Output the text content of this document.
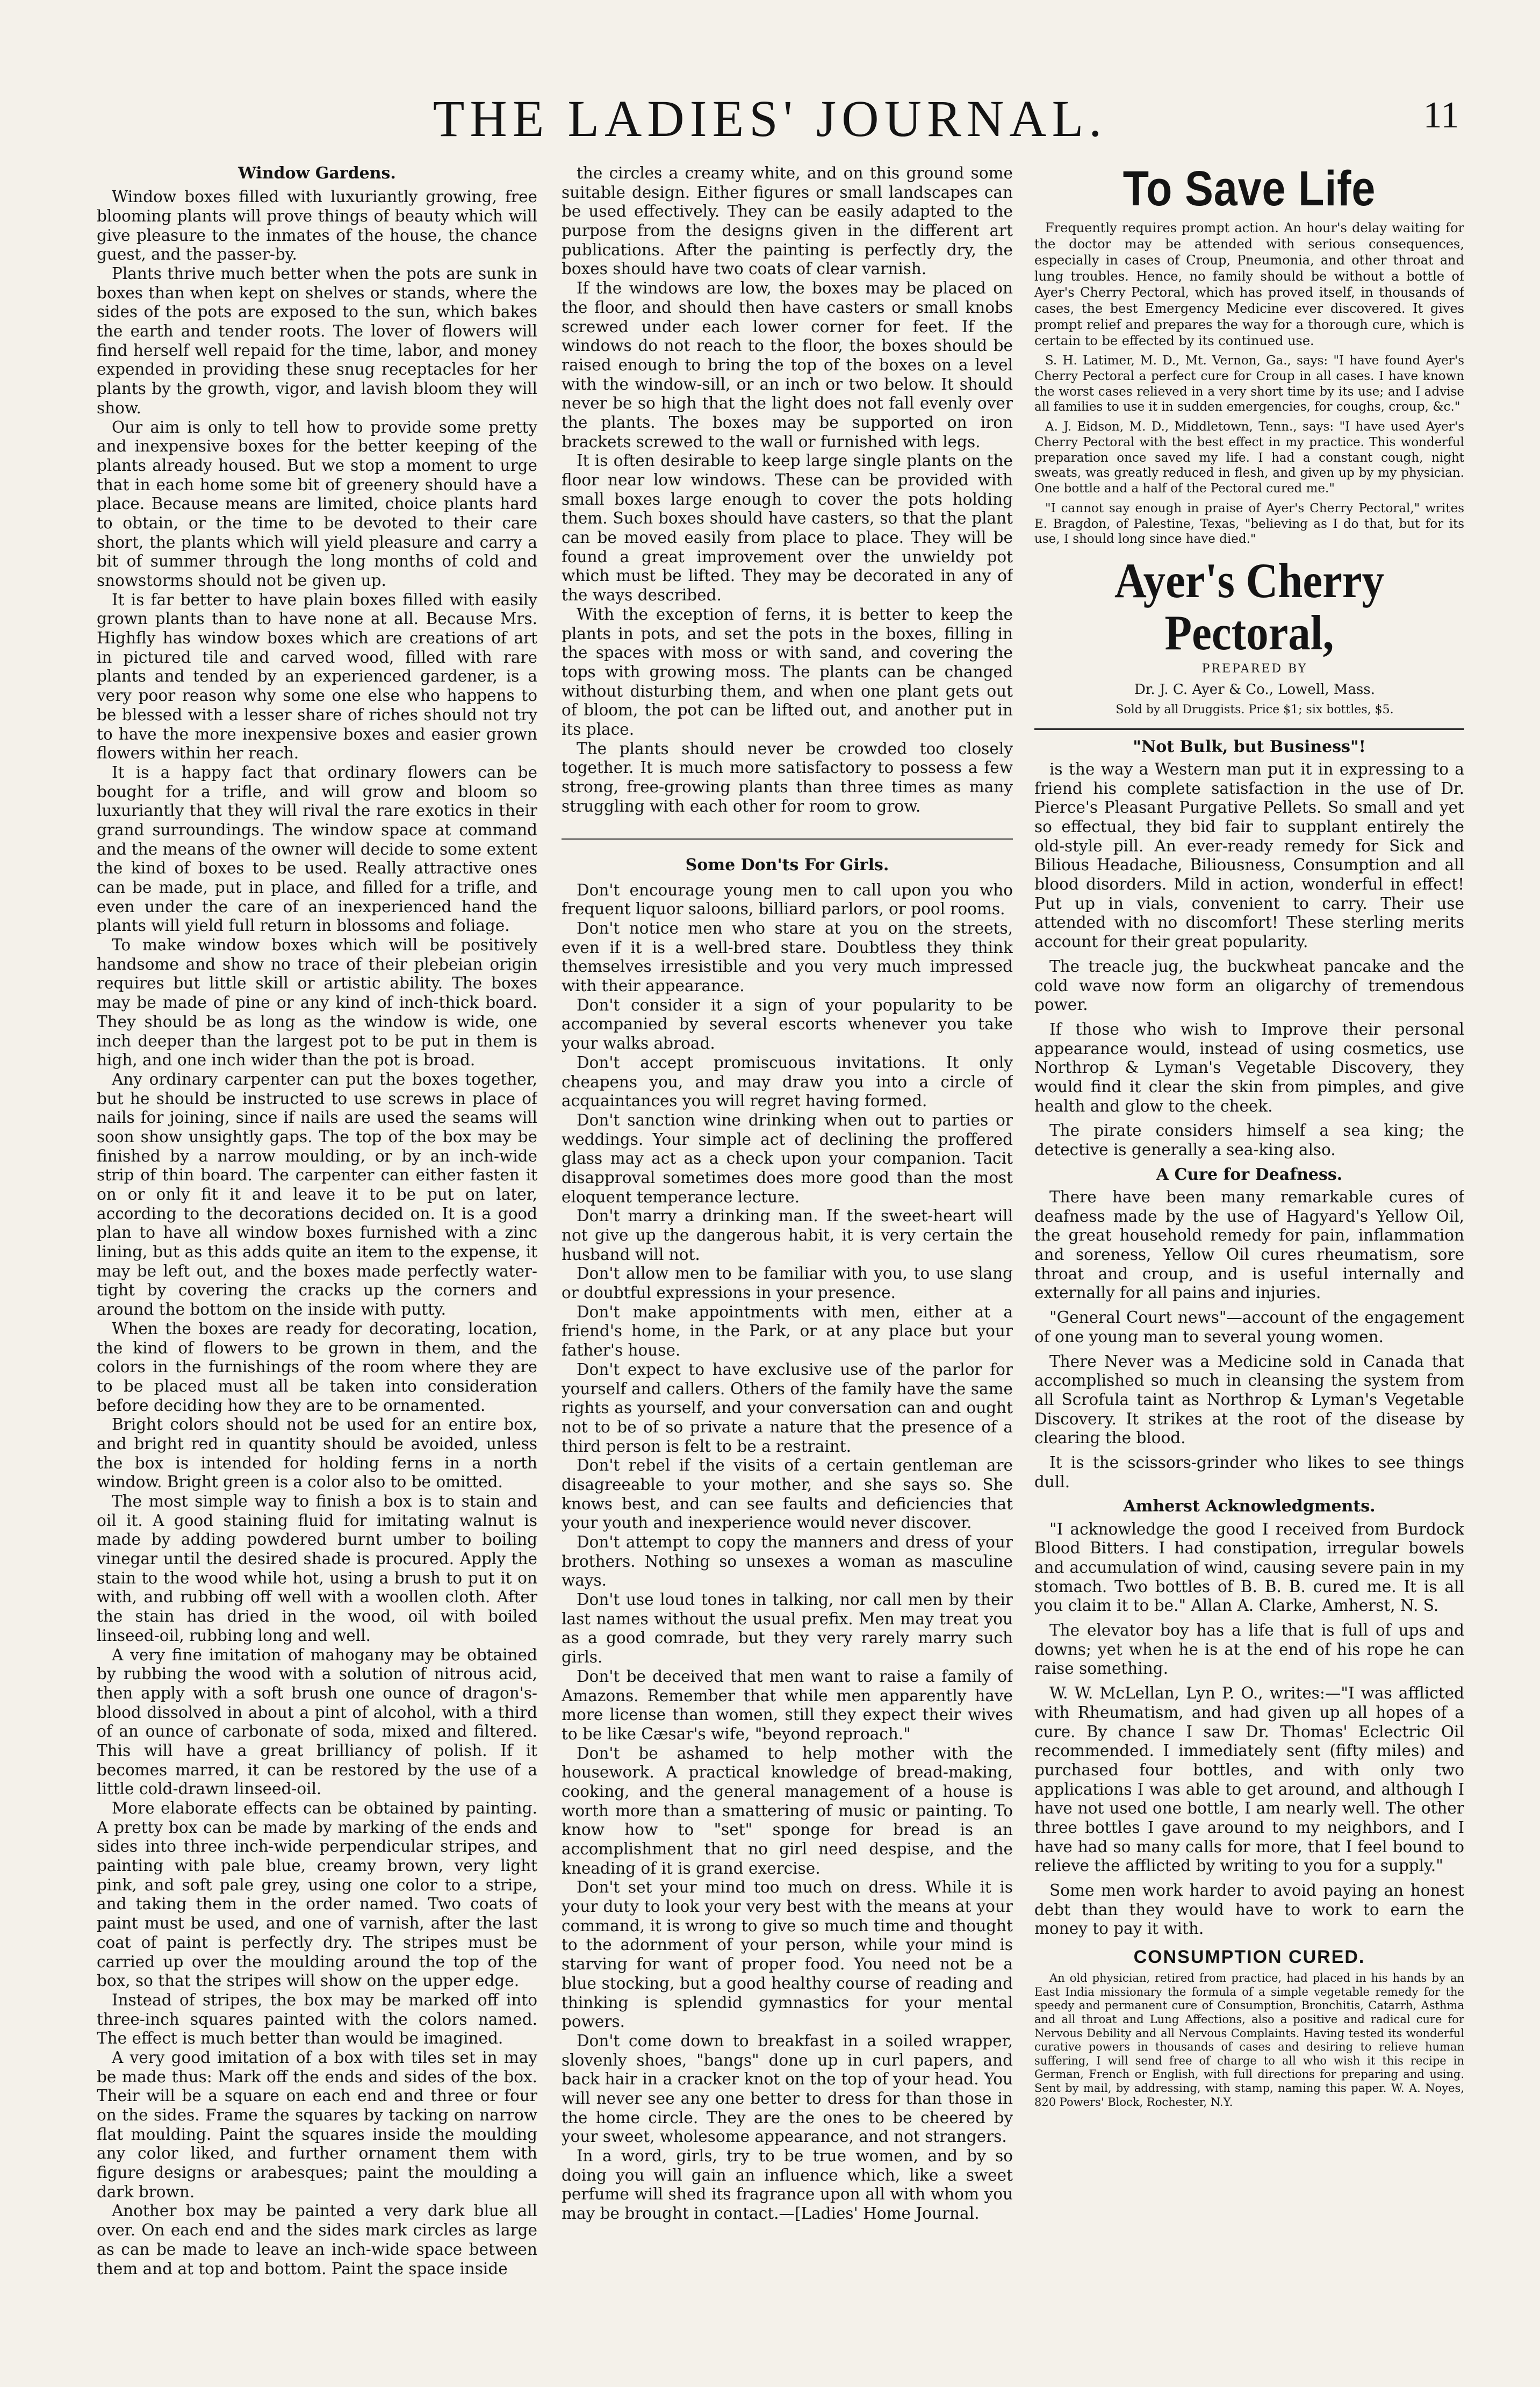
THE LADIES' JOURNAL.	11
Window Gardens.

Window boxes filled with luxuriantly growing, free blooming plants will prove things of beauty which will give pleasure to the inmates of the house, the chance guest, and the passer-by.

Plants thrive much better when the pots are sunk in boxes than when kept on shelves or stands, where the sides of the pots are exposed to the sun, which bakes the earth and tender roots. The lover of flowers will find herself well repaid for the time, labor, and money expended in providing these snug receptacles for her plants by the growth, vigor, and lavish bloom they will show.

Our aim is only to tell how to provide some pretty and inexpensive boxes for the better keeping of the plants already housed. But we stop a moment to urge that in each home some bit of greenery should have a place. Because means are limited, choice plants hard to obtain, or the time to be devoted to their care short, the plants which will yield pleasure and carry a bit of summer through the long months of cold and snowstorms should not be given up.

It is far better to have plain boxes filled with easily grown plants than to have none at all. Because Mrs. Highfly has window boxes which are creations of art in pictured tile and carved wood, filled with rare plants and tended by an experienced gardener, is a very poor reason why some one else who happens to be blessed with a lesser share of riches should not try to have the more inexpensive boxes and easier grown flowers within her reach.

It is a happy fact that ordinary flowers can be bought for a trifle, and will grow and bloom so luxuriantly that they will rival the rare exotics in their grand surroundings. The window space at command and the means of the owner will decide to some extent the kind of boxes to be used. Really attractive ones can be made, put in place, and filled for a trifle, and even under the care of an inexperienced hand the plants will yield full return in blossoms and foliage.

To make window boxes which will be positively handsome and show no trace of their plebeian origin requires but little skill or artistic ability. The boxes may be made of pine or any kind of inch-thick board. They should be as long as the window is wide, one inch deeper than the largest pot to be put in them is high, and one inch wider than the pot is broad.

Any ordinary carpenter can put the boxes together, but he should be instructed to use screws in place of nails for joining, since if nails are used the seams will soon show unsightly gaps. The top of the box may be finished by a narrow moulding, or by an inch-wide strip of thin board. The carpenter can either fasten it on or only fit it and leave it to be put on later, according to the decorations decided on. It is a good plan to have all window boxes furnished with a zinc lining, but as this adds quite an item to the expense, it may be left out, and the boxes made perfectly water-tight by covering the cracks up the corners and around the bottom on the inside with putty.

When the boxes are ready for decorating, location, the kind of flowers to be grown in them, and the colors in the furnishings of the room where they are to be placed must all be taken into consideration before deciding how they are to be ornamented.

Bright colors should not be used for an entire box, and bright red in quantity should be avoided, unless the box is intended for holding ferns in a north window. Bright green is a color also to be omitted.

The most simple way to finish a box is to stain and oil it. A good staining fluid for imitating walnut is made by adding powdered burnt umber to boiling vinegar until the desired shade is procured. Apply the stain to the wood while hot, using a brush to put it on with, and rubbing off well with a woollen cloth. After the stain has dried in the wood, oil with boiled linseed-oil, rubbing long and well.

A very fine imitation of mahogany may be obtained by rubbing the wood with a solution of nitrous acid, then apply with a soft brush one ounce of dragon's-blood dissolved in about a pint of alcohol, with a third of an ounce of carbonate of soda, mixed and filtered. This will have a great brilliancy of polish. If it becomes marred, it can be restored by the use of a little cold-drawn linseed-oil.

More elaborate effects can be obtained by painting. A pretty box can be made by marking of the ends and sides into three inch-wide perpendicular stripes, and painting with pale blue, creamy brown, very light pink, and soft pale grey, using one color to a stripe, and taking them in the order named. Two coats of paint must be used, and one of varnish, after the last coat of paint is perfectly dry. The stripes must be carried up over the moulding around the top of the box, so that the stripes will show on the upper edge.

Instead of stripes, the box may be marked off into three-inch squares painted with the colors named. The effect is much better than would be imagined.

A very good imitation of a box with tiles set in may be made thus: Mark off the ends and sides of the box. Their will be a square on each end and three or four on the sides. Frame the squares by tacking on narrow flat moulding. Paint the squares inside the moulding any color liked, and further ornament them with figure designs or arabesques; paint the moulding a dark brown.

Another box may be painted a very dark blue all over. On each end and the sides mark circles as large as can be made to leave an inch-wide space between them and at top and bottom. Paint the space inside

the circles a creamy white, and on this ground some suitable design. Either figures or small landscapes can be used effectively. They can be easily adapted to the purpose from the designs given in the different art publications. After the painting is perfectly dry, the boxes should have two coats of clear varnish.

If the windows are low, the boxes may be placed on the floor, and should then have casters or small knobs screwed under each lower corner for feet. If the windows do not reach to the floor, the boxes should be raised enough to bring the top of the boxes on a level with the window-sill, or an inch or two below. It should never be so high that the light does not fall evenly over the plants. The boxes may be supported on iron brackets screwed to the wall or furnished with legs.

It is often desirable to keep large single plants on the floor near low windows. These can be provided with small boxes large enough to cover the pots holding them. Such boxes should have casters, so that the plant can be moved easily from place to place. They will be found a great improvement over the unwieldy pot which must be lifted. They may be decorated in any of the ways described.

With the exception of ferns, it is better to keep the plants in pots, and set the pots in the boxes, filling in the spaces with moss or with sand, and covering the tops with growing moss. The plants can be changed without disturbing them, and when one plant gets out of bloom, the pot can be lifted out, and another put in its place.

The plants should never be crowded too closely together. It is much more satisfactory to possess a few strong, free-growing plants than three times as many struggling with each other for room to grow.

Some Don'ts For Girls.

Don't encourage young men to call upon you who frequent liquor saloons, billiard parlors, or pool rooms.

Don't notice men who stare at you on the streets, even if it is a well-bred stare. Doubtless they think themselves irresistible and you very much impressed with their appearance.

Don't consider it a sign of your popularity to be accompanied by several escorts whenever you take your walks abroad.

Don't accept promiscuous invitations. It only cheapens you, and may draw you into a circle of acquaintances you will regret having formed.

Don't sanction wine drinking when out to parties or weddings. Your simple act of declining the proffered glass may act as a check upon your companion. Tacit disapproval sometimes does more good than the most eloquent temperance lecture.

Don't marry a drinking man. If the sweet-heart will not give up the dangerous habit, it is very certain the husband will not.

Don't allow men to be familiar with you, to use slang or doubtful expressions in your presence.

Don't make appointments with men, either at a friend's home, in the Park, or at any place but your father's house.

Don't expect to have exclusive use of the parlor for yourself and callers. Others of the family have the same rights as yourself, and your conversation can and ought not to be of so private a nature that the presence of a third person is felt to be a restraint.

Don't rebel if the visits of a certain gentleman are disagreeable to your mother, and she says so. She knows best, and can see faults and deficiencies that your youth and inexperience would never discover.

Don't attempt to copy the manners and dress of your brothers. Nothing so unsexes a woman as masculine ways.

Don't use loud tones in talking, nor call men by their last names without the usual prefix. Men may treat you as a good comrade, but they very rarely marry such girls.

Don't be deceived that men want to raise a family of Amazons. Remember that while men apparently have more license than women, still they expect their wives to be like Cæsar's wife, "beyond reproach."

Don't be ashamed to help mother with the housework. A practical knowledge of bread-making, cooking, and the general management of a house is worth more than a smattering of music or painting. To know how to "set" sponge for bread is an accomplishment that no girl need despise, and the kneading of it is grand exercise.

Don't set your mind too much on dress. While it is your duty to look your very best with the means at your command, it is wrong to give so much time and thought to the adornment of your person, while your mind is starving for want of proper food. You need not be a blue stocking, but a good healthy course of reading and thinking is splendid gymnastics for your mental powers.

Don't come down to breakfast in a soiled wrapper, slovenly shoes, "bangs" done up in curl papers, and back hair in a cracker knot on the top of your head. You will never see any one better to dress for than those in the home circle. They are the ones to be cheered by your sweet, wholesome appearance, and not strangers.

In a word, girls, try to be true women, and by so doing you will gain an influence which, like a sweet perfume will shed its fragrance upon all with whom you may be brought in contact.—[Ladies' Home Journal.

To Save Life

Frequently requires prompt action. An hour's delay waiting for the doctor may be attended with serious consequences, especially in cases of Croup, Pneumonia, and other throat and lung troubles. Hence, no family should be without a bottle of Ayer's Cherry Pectoral, which has proved itself, in thousands of cases, the best Emergency Medicine ever discovered. It gives prompt relief and prepares the way for a thorough cure, which is certain to be effected by its continued use.

S. H. Latimer, M. D., Mt. Vernon, Ga., says: "I have found Ayer's Cherry Pectoral a perfect cure for Croup in all cases. I have known the worst cases relieved in a very short time by its use; and I advise all families to use it in sudden emergencies, for coughs, croup, &c."

A. J. Eidson, M. D., Middletown, Tenn., says: "I have used Ayer's Cherry Pectoral with the best effect in my practice. This wonderful preparation once saved my life. I had a constant cough, night sweats, was greatly reduced in flesh, and given up by my physician. One bottle and a half of the Pectoral cured me."

"I cannot say enough in praise of Ayer's Cherry Pectoral," writes E. Bragdon, of Palestine, Texas, "believing as I do that, but for its use, I should long since have died."

Ayer's Cherry Pectoral,

PREPARED BY

Dr. J. C. Ayer & Co., Lowell, Mass.

Sold by all Druggists. Price $1; six bottles, $5.

"Not Bulk, but Business"!

is the way a Western man put it in expressing to a friend his complete satisfaction in the use of Dr. Pierce's Pleasant Purgative Pellets. So small and yet so effectual, they bid fair to supplant entirely the old-style pill. An ever-ready remedy for Sick and Bilious Headache, Biliousness, Consumption and all blood disorders. Mild in action, wonderful in effect! Put up in vials, convenient to carry. Their use attended with no discomfort! These sterling merits account for their great popularity.

The treacle jug, the buckwheat pancake and the cold wave now form an oligarchy of tremendous power.

If those who wish to Improve their personal appearance would, instead of using cosmetics, use Northrop & Lyman's Vegetable Discovery, they would find it clear the skin from pimples, and give health and glow to the cheek.

The pirate considers himself a sea king; the detective is generally a sea-king also.

A Cure for Deafness.

There have been many remarkable cures of deafness made by the use of Hagyard's Yellow Oil, the great household remedy for pain, inflammation and soreness, Yellow Oil cures rheumatism, sore throat and croup, and is useful internally and externally for all pains and injuries.

"General Court news"—account of the engagement of one young man to several young women.

There Never was a Medicine sold in Canada that accomplished so much in cleansing the system from all Scrofula taint as Northrop & Lyman's Vegetable Discovery. It strikes at the root of the disease by clearing the blood.

It is the scissors-grinder who likes to see things dull.

Amherst Acknowledgments.

"I acknowledge the good I received from Burdock Blood Bitters. I had constipation, irregular bowels and accumulation of wind, causing severe pain in my stomach. Two bottles of B. B. B. cured me. It is all you claim it to be." Allan A. Clarke, Amherst, N. S.

The elevator boy has a life that is full of ups and downs; yet when he is at the end of his rope he can raise something.

W. W. McLellan, Lyn P. O., writes:—"I was afflicted with Rheumatism, and had given up all hopes of a cure. By chance I saw Dr. Thomas' Eclectric Oil recommended. I immediately sent (fifty miles) and purchased four bottles, and with only two applications I was able to get around, and although I have not used one bottle, I am nearly well. The other three bottles I gave around to my neighbors, and I have had so many calls for more, that I feel bound to relieve the afflicted by writing to you for a supply."

Some men work harder to avoid paying an honest debt than they would have to work to earn the money to pay it with.

CONSUMPTION CURED.

An old physician, retired from practice, had placed in his hands by an East India missionary the formula of a simple vegetable remedy for the speedy and permanent cure of Consumption, Bronchitis, Catarrh, Asthma and all throat and Lung Affections, also a positive and radical cure for Nervous Debility and all Nervous Complaints. Having tested its wonderful curative powers in thousands of cases and desiring to relieve human suffering, I will send free of charge to all who wish it this recipe in German, French or English, with full directions for preparing and using. Sent by mail, by addressing, with stamp, naming this paper. W. A. Noyes, 820 Powers' Block, Rochester, N.Y.
